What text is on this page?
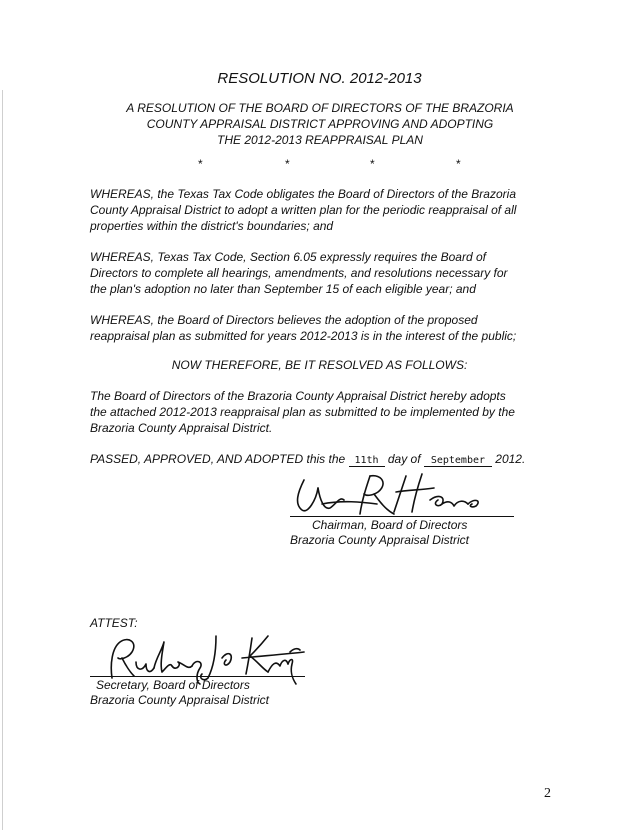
RESOLUTION NO. 2012-2013
A RESOLUTION OF THE BOARD OF DIRECTORS OF THE BRAZORIA
COUNTY APPRAISAL DISTRICT APPROVING AND ADOPTING
THE 2012-2013 REAPPRAISAL PLAN
*	*	*	*
WHEREAS, the Texas Tax Code obligates the Board of Directors of the Brazoria
County Appraisal District to adopt a written plan for the periodic reappraisal of all
properties within the district's boundaries; and
WHEREAS, Texas Tax Code, Section 6.05 expressly requires the Board of
Directors to complete all hearings, amendments, and resolutions necessary for
the plan's adoption no later than September 15 of each eligible year; and
WHEREAS, the Board of Directors believes the adoption of the proposed
reappraisal plan as submitted for years 2012-2013 is in the interest of the public;
NOW THEREFORE, BE IT RESOLVED AS FOLLOWS:
The Board of Directors of the Brazoria County Appraisal District hereby adopts
the attached 2012-2013 reappraisal plan as submitted to be implemented by the
Brazoria County Appraisal District.
PASSED, APPROVED, AND ADOPTED this the 11th day of September 2012.
Chairman, Board of Directors
Brazoria County Appraisal District
ATTEST:
Secretary, Board of Directors
Brazoria County Appraisal District
2
